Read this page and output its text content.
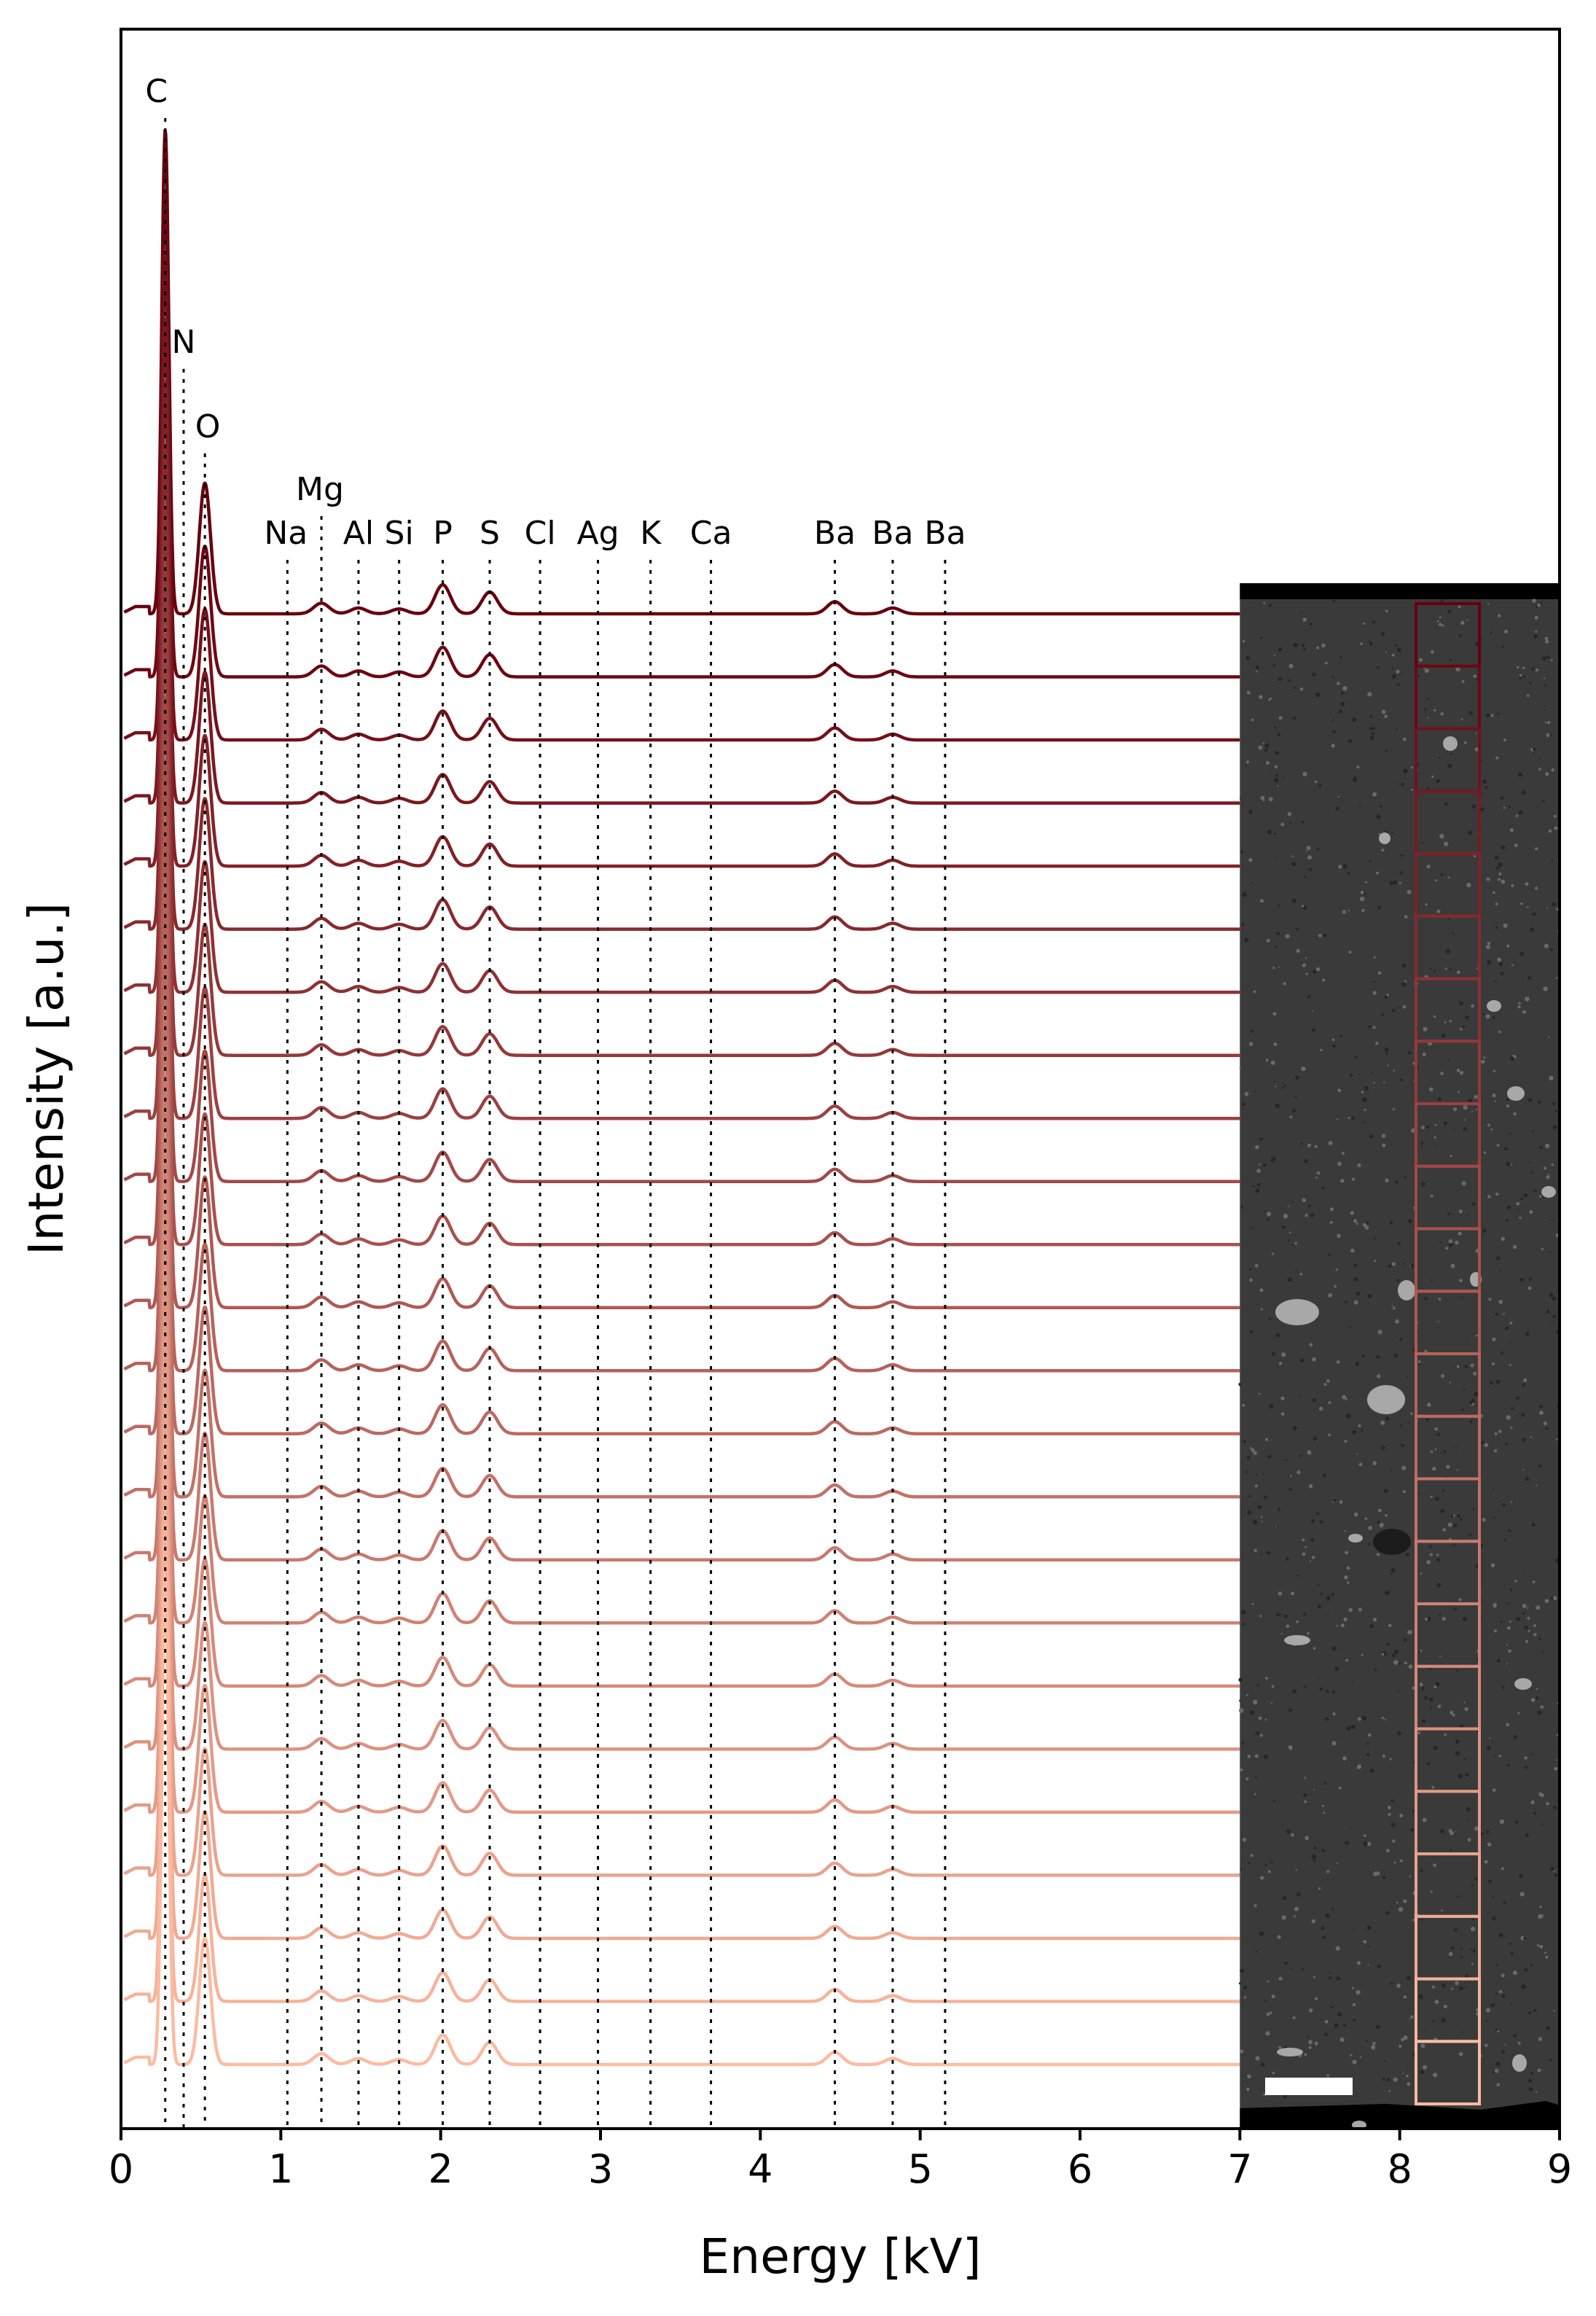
C
N
O
Na
Mg
Al Si P S Cl Ag K Ca	Ba Ba Ba
0	1	2	3	4	5	6	7	8	9
Energy [kV]
Intensity [a.u.]
